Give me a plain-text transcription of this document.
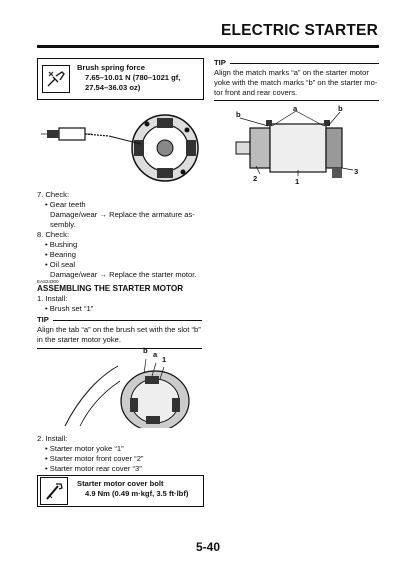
ELECTRIC STARTER
Brush spring force
7.65–10.01 N (780–1021 gf,
27.54–36.03 oz)
7. Check:
• Gear teeth
Damage/wear → Replace the armature as-
sembly.
8. Check:
• Bushing
• Bearing
• Oil seal
Damage/wear → Replace the starter motor.
EAS24300
ASSEMBLING THE STARTER MOTOR
1. Install:
• Brush set “1”
TIP
Align the tab “a” on the brush set with the slot “b”
in the starter motor yoke.
b a
1
2. Install:
• Starter motor yoke “1”
• Starter motor front cover “2”
• Starter motor rear cover “3”
Starter motor cover bolt
4.9 Nm (0.49 m·kgf, 3.5 ft·lbf)
TIP
Align the match marks “a” on the starter motor
yoke with the match marks “b” on the starter mo-
tor front and rear covers.
b
a	b
2	1
3
5-40
